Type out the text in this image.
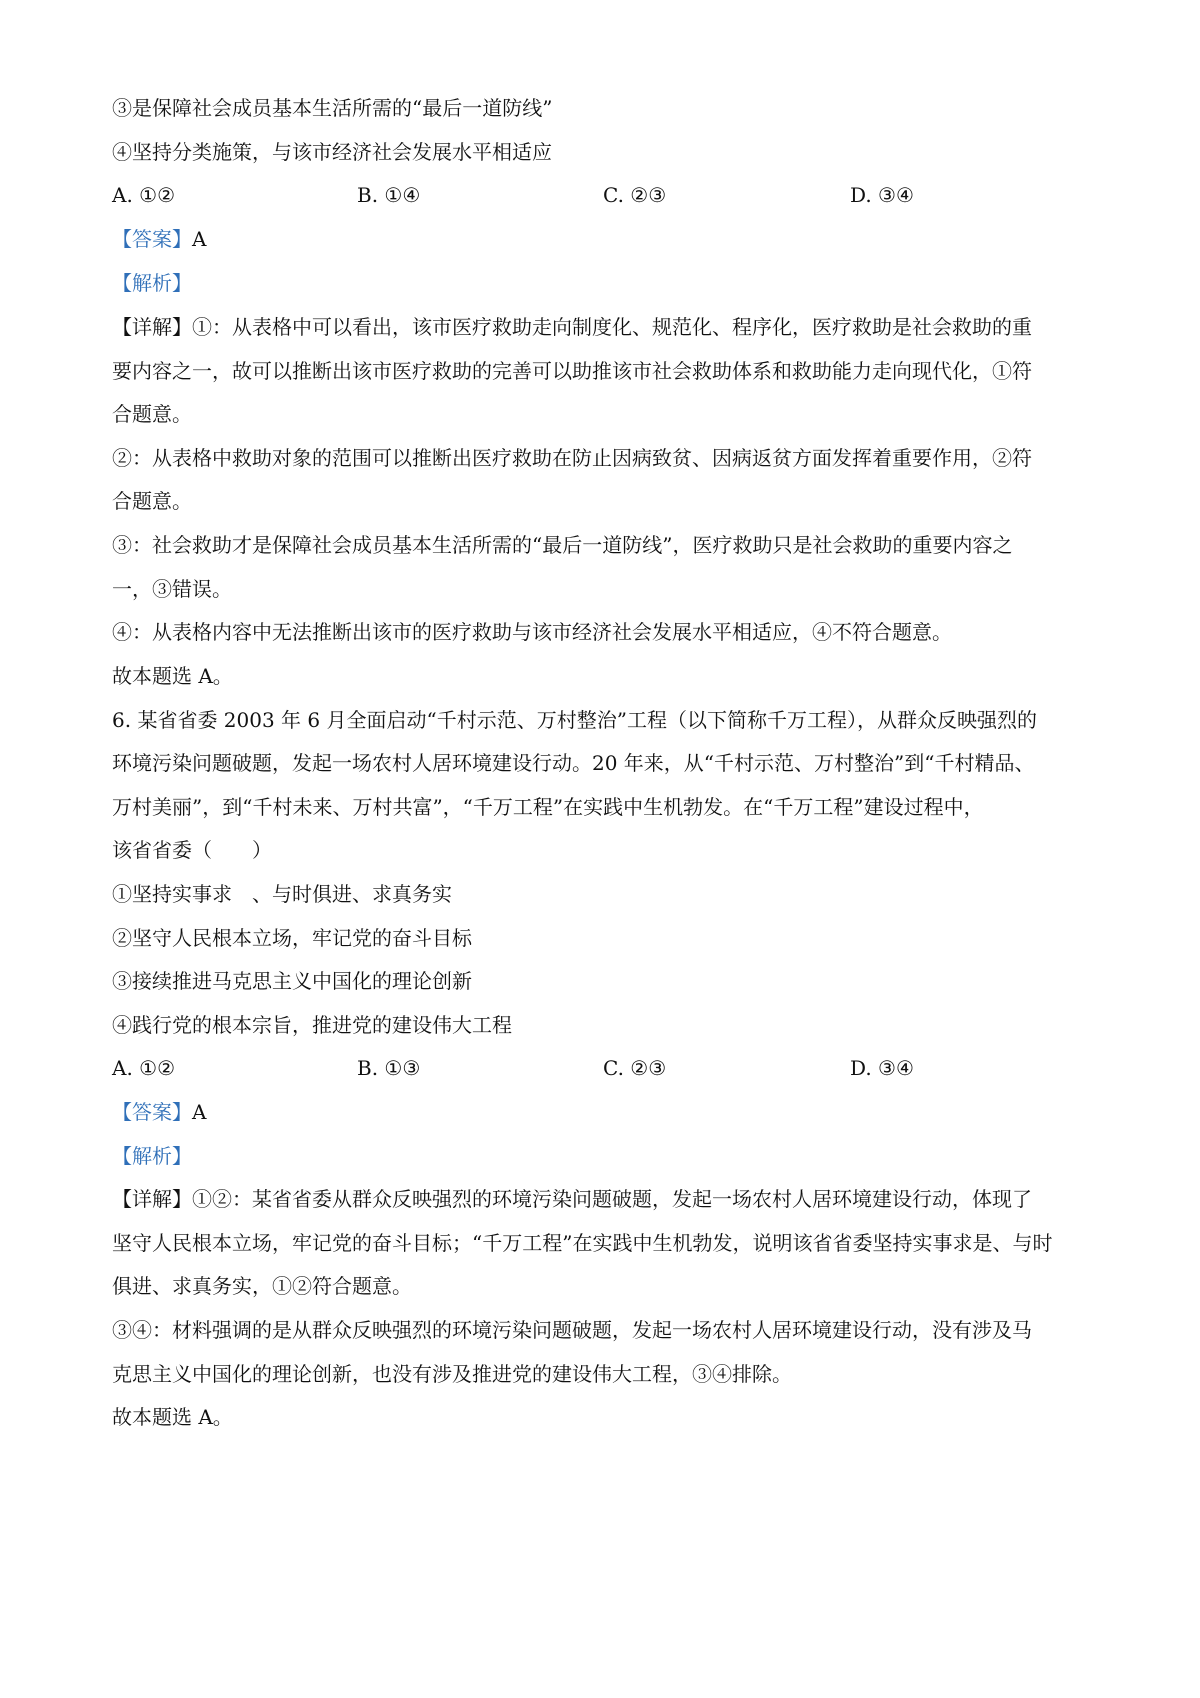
③是保障社会成员基本生活所需的“最后一道防线”
④坚持分类施策，与该市经济社会发展水平相适应
A. ①②	B. ①④	C. ②③	D. ③④
【答案】A
【解析】
【详解】①：从表格中可以看出，该市医疗救助走向制度化、规范化、程序化，医疗救助是社会救助的重
要内容之一，故可以推断出该市医疗救助的完善可以助推该市社会救助体系和救助能力走向现代化，①符
合题意。
②：从表格中救助对象的范围可以推断出医疗救助在防止因病致贫、因病返贫方面发挥着重要作用，②符
合题意。
③：社会救助才是保障社会成员基本生活所需的“最后一道防线”，医疗救助只是社会救助的重要内容之
一，③错误。
④：从表格内容中无法推断出该市的医疗救助与该市经济社会发展水平相适应，④不符合题意。
故本题选 A。
6. 某省省委 2003 年 6 月全面启动“千村示范、万村整治”工程（以下简称千万工程），从群众反映强烈的
环境污染问题破题，发起一场农村人居环境建设行动。20 年来，从“千村示范、万村整治”到“千村精品、
万村美丽”，到“千村未来、万村共富”，“千万工程”在实践中生机勃发。在“千万工程”建设过程中，
该省省委（　　）
①坚持实事求　、与时俱进、求真务实
②坚守人民根本立场，牢记党的奋斗目标
③接续推进马克思主义中国化的理论创新
④践行党的根本宗旨，推进党的建设伟大工程
A. ①②	B. ①③	C. ②③	D. ③④
【答案】A
【解析】
【详解】①②：某省省委从群众反映强烈的环境污染问题破题，发起一场农村人居环境建设行动，体现了
坚守人民根本立场，牢记党的奋斗目标；“千万工程”在实践中生机勃发，说明该省省委坚持实事求是、与时
俱进、求真务实，①②符合题意。
③④：材料强调的是从群众反映强烈的环境污染问题破题，发起一场农村人居环境建设行动，没有涉及马
克思主义中国化的理论创新，也没有涉及推进党的建设伟大工程，③④排除。
故本题选 A。
